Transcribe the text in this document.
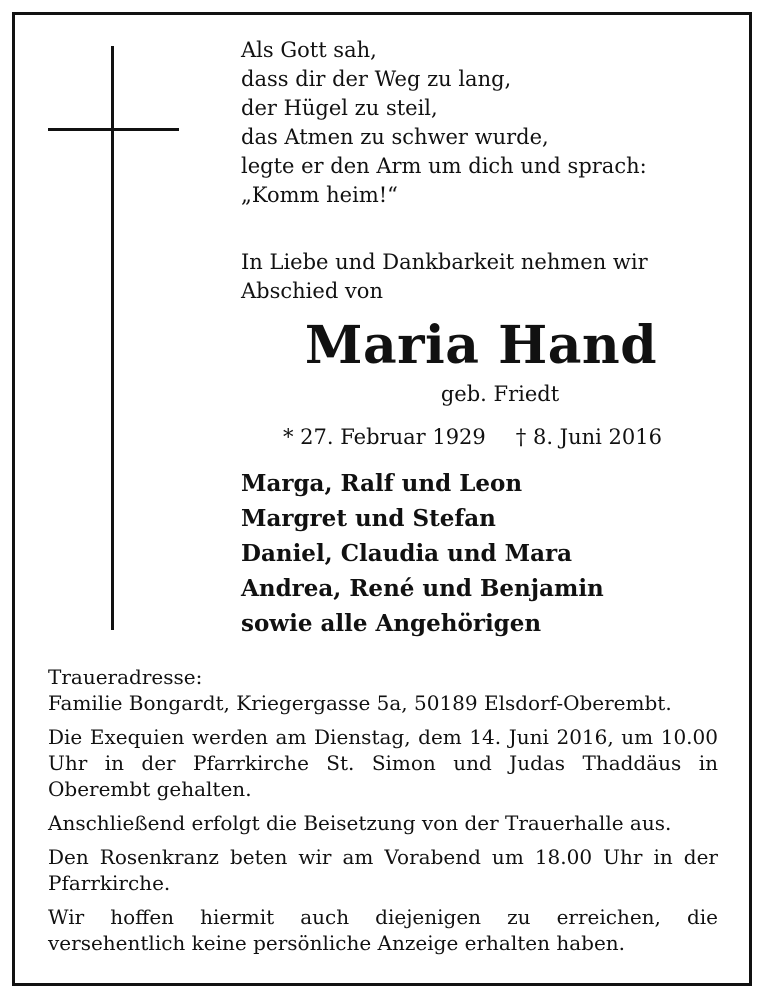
Als Gott sah,
dass dir der Weg zu lang,
der Hügel zu steil,
das Atmen zu schwer wurde,
legte er den Arm um dich und sprach:
„Komm heim!“
In Liebe und Dankbarkeit nehmen wir
Abschied von
Maria Hand
geb. Friedt
* 27. Februar 1929 † 8. Juni 2016
Marga, Ralf und Leon
Margret und Stefan
Daniel, Claudia und Mara
Andrea, René und Benjamin
sowie alle Angehörigen

Traueradresse:
Familie Bongardt, Kriegergasse 5a, 50189 Elsdorf-Oberembt.

Die Exequien werden am Dienstag, dem 14. Juni 2016, um 10.00 Uhr in der Pfarrkirche St. Simon und Judas Thaddäus in Oberembt gehalten.

Anschließend erfolgt die Beisetzung von der Trauerhalle aus.

Den Rosenkranz beten wir am Vorabend um 18.00 Uhr in der Pfarrkirche.

Wir hoffen hiermit auch diejenigen zu erreichen, die versehentlich keine persönliche Anzeige erhalten haben.
